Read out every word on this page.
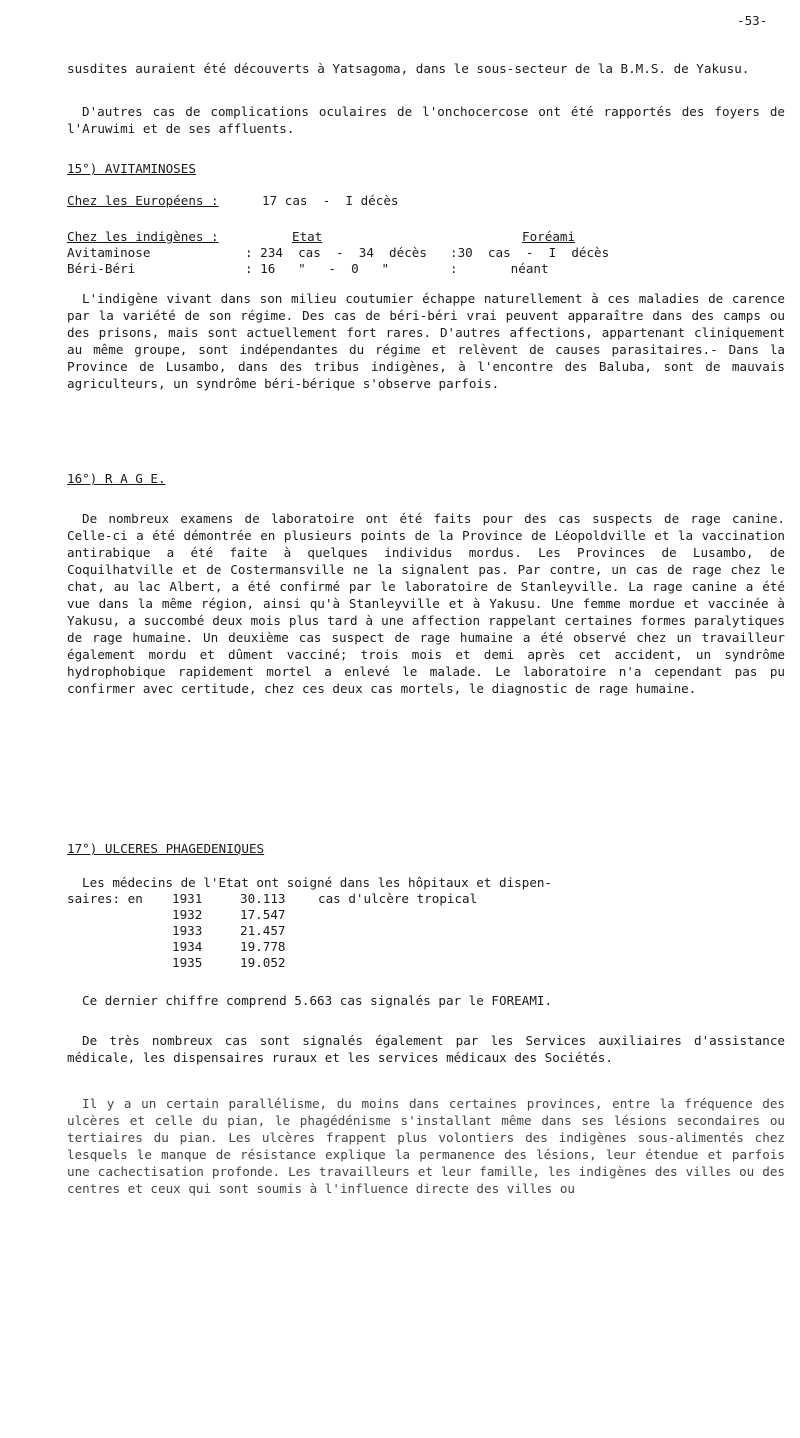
-53-
susdites auraient été découverts à Yatsagoma, dans le sous-secteur de la B.M.S. de Yakusu.
D'autres cas de complications oculaires de l'onchocercose ont été rapportés des foyers de l'Aruwimi et de ses affluents.
15°) AVITAMINOSES
Chez les Européens :	17 cas  -  I décès
Chez les indigènes :	Etat	Foréami
Avitaminose	: 234  cas  -  34  décès :30  cas  -  I  décès
Béri-Béri	: 16   "   -  0   "	:       néant
L'indigène vivant dans son milieu coutumier échappe naturellement à ces maladies de carence par la variété de son régime. Des cas de béri-béri vrai peuvent apparaître dans des camps ou des prisons, mais sont actuellement fort rares. D'autres affections, appartenant cliniquement au même groupe, sont indépendantes du régime et relèvent de causes parasitaires.- Dans la Province de Lusambo, dans des tribus indigènes, à l'encontre des Baluba, sont de mauvais agriculteurs, un syndrôme béri-bérique s'observe parfois.
16°) R A G E.
De nombreux examens de laboratoire ont été faits pour des cas suspects de rage canine. Celle-ci a été démontrée en plusieurs points de la Province de Léopoldville et la vaccination antirabique a été faite à quelques individus mordus. Les Provinces de Lusambo, de Coquilhatville et de Costermansville ne la signalent pas. Par contre, un cas de rage chez le chat, au lac Albert, a été confirmé par le laboratoire de Stanleyville. La rage canine a été vue dans la même région, ainsi qu'à Stanleyville et à Yakusu. Une femme mordue et vaccinée à Yakusu, a succombé deux mois plus tard à une affection rappelant certaines formes paralytiques de rage humaine. Un deuxième cas suspect de rage humaine a été observé chez un travailleur également mordu et dûment vacciné; trois mois et demi après cet accident, un syndrôme hydrophobique rapidement mortel a enlevé le malade. Le laboratoire n'a cependant pas pu confirmer avec certitude, chez ces deux cas mortels, le diagnostic de rage humaine.
17°) ULCERES PHAGEDENIQUES
Les médecins de l'Etat ont soigné dans les hôpitaux et dispen-
saires: en 1931	30.113	cas d'ulcère tropical
1932	17.547
1933	21.457
1934	19.778
1935	19.052
Ce dernier chiffre comprend 5.663 cas signalés par le FOREAMI.
De très nombreux cas sont signalés également par les Services auxiliaires d'assistance médicale, les dispensaires ruraux et les services médicaux des Sociétés.
Il y a un certain parallélisme, du moins dans certaines provinces, entre la fréquence des ulcères et celle du pian, le phagédénisme s'installant même dans ses lésions secondaires ou tertiaires du pian. Les ulcères frappent plus volontiers des indigènes sous-alimentés chez lesquels le manque de résistance explique la permanence des lésions, leur étendue et parfois une cachectisation profonde. Les travailleurs et leur famille, les indigènes des villes ou des centres et ceux qui sont soumis à l'influence directe des villes ou
